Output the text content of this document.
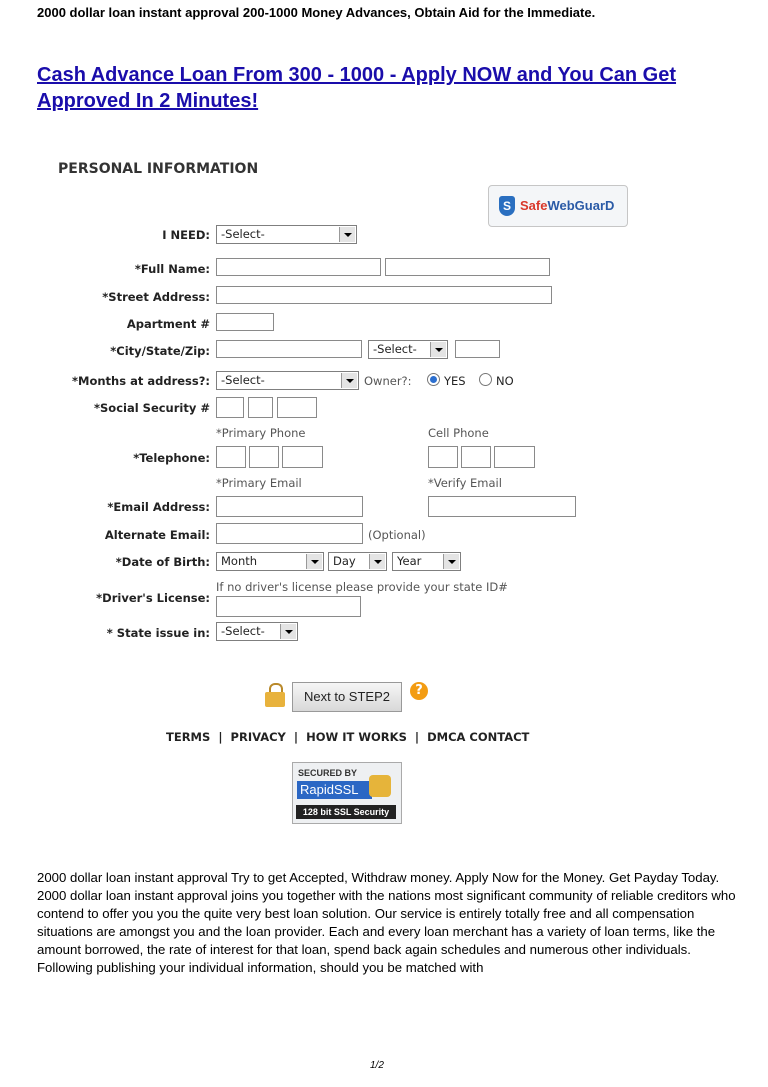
2000 dollar loan instant approval 200-1000 Money Advances, Obtain Aid for the Immediate.
Cash Advance Loan From 300 - 1000 - Apply NOW and You Can Get Approved In 2 Minutes!
PERSONAL INFORMATION
S SafeWebGuarD
I NEED: -Select-
*Full Name:
*Street Address:
Apartment #
*City/State/Zip:	-Select-
*Months at address?: -Select-	Owner?:	YES	NO
*Social Security #
*Primary Phone	Cell Phone
*Telephone:
*Primary Email	*Verify Email
*Email Address:
Alternate Email:	(Optional)
*Date of Birth: Month	Day	Year
If no driver's license please provide your state ID#
*Driver's License:
* State issue in: -Select-
Next to STEP2	?
TERMS | PRIVACY | HOW IT WORKS | DMCA CONTACT
SECURED BY
RapidSSL
128 bit SSL Security

2000 dollar loan instant approval Try to get Accepted, Withdraw money. Apply Now for the Money. Get Payday Today.

2000 dollar loan instant approval joins you together with the nations most significant community of reliable creditors who contend to offer you you the quite very best loan solution. Our service is entirely totally free and all compensation situations are amongst you and the loan provider. Each and every loan merchant has a variety of loan terms, like the amount borrowed, the rate of interest for that loan, spend back again schedules and numerous other individuals. Following publishing your individual information, should you be matched with

1/2
